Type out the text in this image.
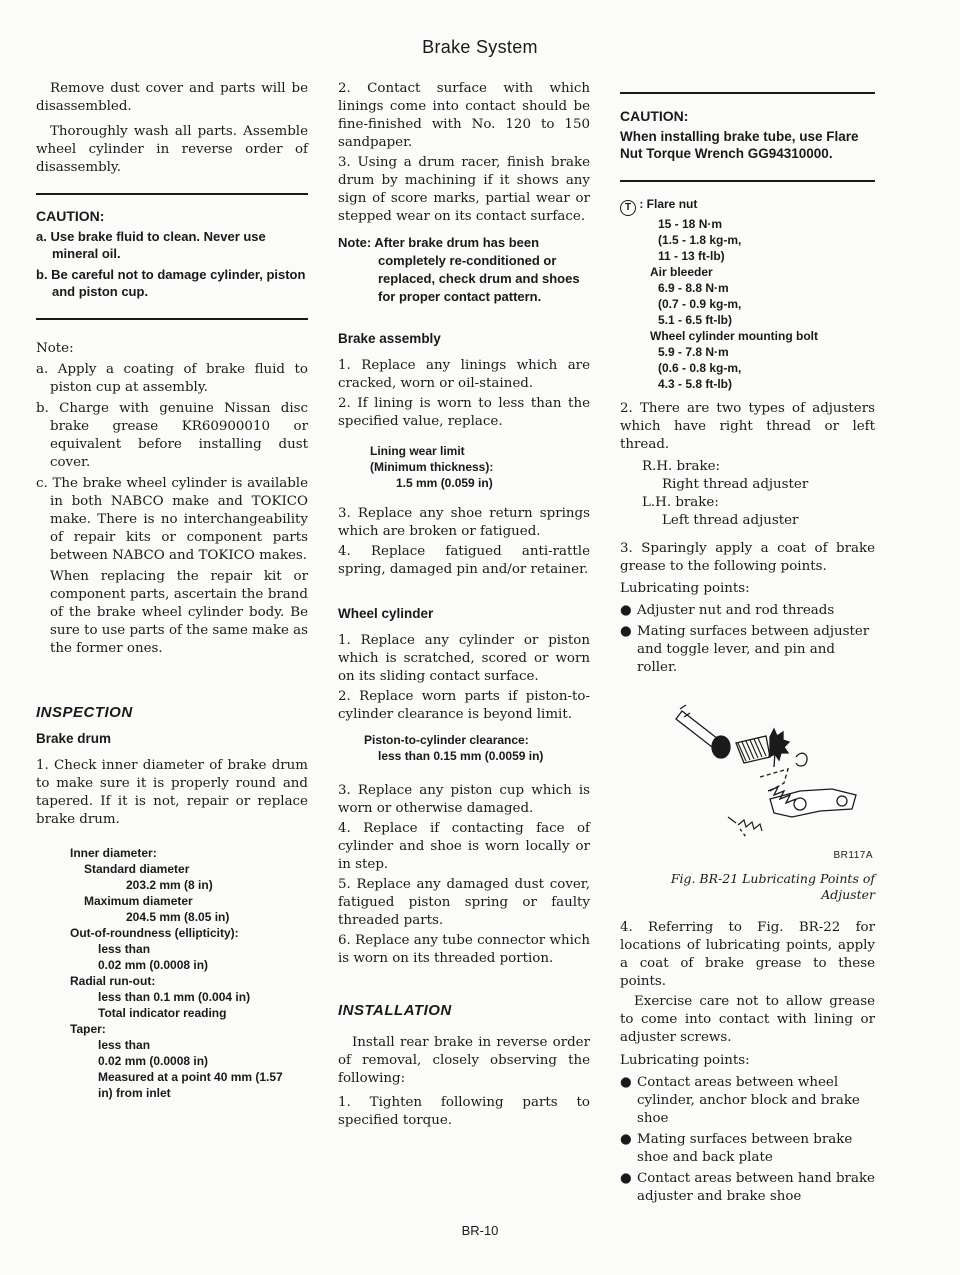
Brake System

Remove dust cover and parts will be disassembled.

Thoroughly wash all parts. Assemble wheel cylinder in reverse order of disassembly.

CAUTION:
a. Use brake fluid to clean. Never use mineral oil.
b. Be careful not to damage cylinder, piston and piston cup.

Note:

a. Apply a coating of brake fluid to piston cup at assembly.

b. Charge with genuine Nissan disc brake grease KR60900010 or equivalent before installing dust cover.

c. The brake wheel cylinder is available in both NABCO make and TOKICO make. There is no interchangeability of repair kits or component parts between NABCO and TOKICO makes.

When replacing the repair kit or component parts, ascertain the brand of the brake wheel cylinder body. Be sure to use parts of the same make as the former ones.

INSPECTION
Brake drum

1. Check inner diameter of brake drum to make sure it is properly round and tapered. If it is not, repair or replace brake drum.

Inner diameter:
Standard diameter
203.2 mm (8 in)
Maximum diameter
204.5 mm (8.05 in)
Out-of-roundness (ellipticity):
less than
0.02 mm (0.0008 in)
Radial run-out:
less than 0.1 mm (0.004 in)
Total indicator reading
Taper:
less than
0.02 mm (0.0008 in)
Measured at a point 40 mm (1.57 in) from inlet

2. Contact surface with which linings come into contact should be fine-finished with No. 120 to 150 sandpaper.

3. Using a drum racer, finish brake drum by machining if it shows any sign of score marks, partial wear or stepped wear on its contact surface.

Note: After brake drum has been completely re-conditioned or replaced, check drum and shoes for proper contact pattern.

Brake assembly

1. Replace any linings which are cracked, worn or oil-stained.

2. If lining is worn to less than the specified value, replace.

Lining wear limit
(Minimum thickness):
1.5 mm (0.059 in)

3. Replace any shoe return springs which are broken or fatigued.

4. Replace fatigued anti-rattle spring, damaged pin and/or retainer.

Wheel cylinder

1. Replace any cylinder or piston which is scratched, scored or worn on its sliding contact surface.

2. Replace worn parts if piston-to-cylinder clearance is beyond limit.

Piston-to-cylinder clearance:
less than 0.15 mm (0.0059 in)

3. Replace any piston cup which is worn or otherwise damaged.

4. Replace if contacting face of cylinder and shoe is worn locally or in step.

5. Replace any damaged dust cover, fatigued piston spring or faulty threaded parts.

6. Replace any tube connector which is worn on its threaded portion.

INSTALLATION

Install rear brake in reverse order of removal, closely observing the following:

1. Tighten following parts to specified torque.

CAUTION:
When installing brake tube, use Flare Nut Torque Wrench GG94310000.
T : Flare nut
15 - 18 N·m
(1.5 - 1.8 kg-m,
11 - 13 ft-lb)
Air bleeder
6.9 - 8.8 N·m
(0.7 - 0.9 kg-m,
5.1 - 6.5 ft-lb)
Wheel cylinder mounting bolt
5.9 - 7.8 N·m
(0.6 - 0.8 kg-m,
4.3 - 5.8 ft-lb)

2. There are two types of adjusters which have right thread or left thread.

R.H. brake:
Right thread adjuster
L.H. brake:
Left thread adjuster

3. Sparingly apply a coat of brake grease to the following points.

Lubricating points:

● Adjuster nut and rod threads
● Mating surfaces between adjuster and toggle lever, and pin and roller.
BR117A
Fig. BR-21 Lubricating Points of
Adjuster

4. Referring to Fig. BR-22 for locations of lubricating points, apply a coat of brake grease to these points.

Exercise care not to allow grease to come into contact with lining or adjuster screws.

Lubricating points:

● Contact areas between wheel cylinder, anchor block and brake shoe
● Mating surfaces between brake shoe and back plate
● Contact areas between hand brake adjuster and brake shoe
BR-10
